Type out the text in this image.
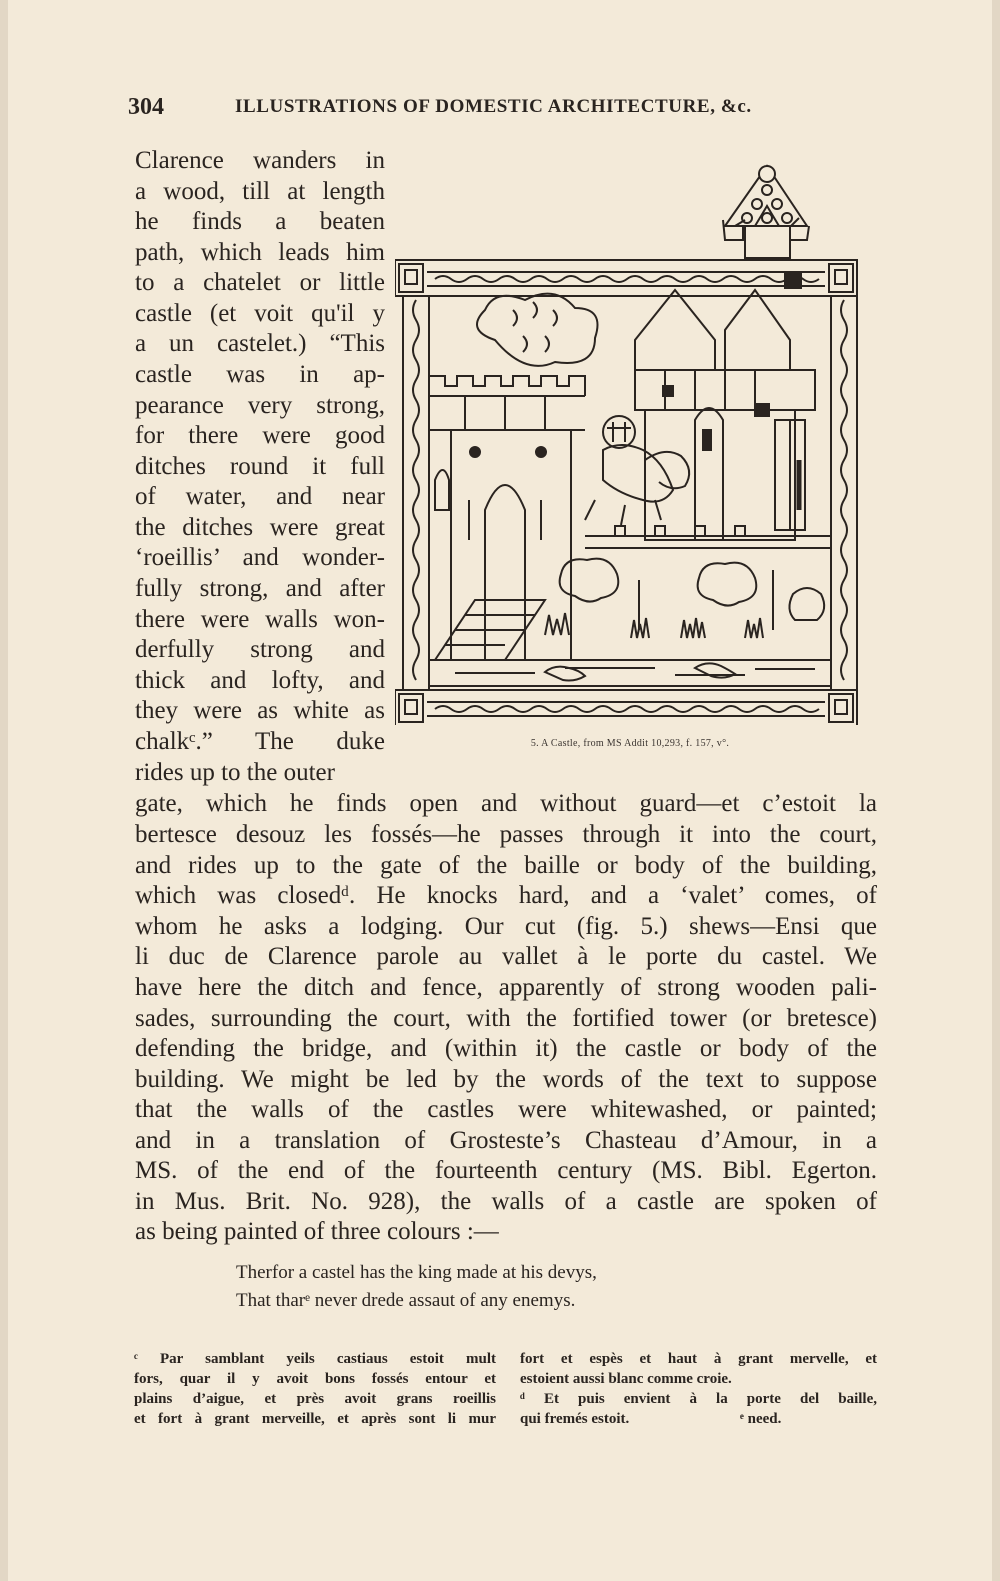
304	ILLUSTRATIONS OF DOMESTIC ARCHITECTURE, &c.
Clarence wanders in
a wood, till at length
he finds a beaten
path, which leads him
to a chatelet or little
castle (et voit qu'il y
a un castelet.) “This
castle was in ap-
pearance very strong,
for there were good
ditches round it full
of water, and near
the ditches were great
‘roeillis’ and wonder-
fully strong, and after
there were walls won-
derfully strong and
thick and lofty, and
they were as white as
chalkᶜ.” The duke
rides up to the outer
5. A Castle, from MS Addit 10,293, f. 157, v°.
gate, which he finds open and without guard—et c’estoit la
bertesce desouz les fossés—he passes through it into the court,
and rides up to the gate of the baille or body of the building,
which was closedᵈ. He knocks hard, and a ‘valet’ comes, of
whom he asks a lodging. Our cut (fig. 5.) shews—Ensi que
li duc de Clarence parole au vallet à le porte du castel. We
have here the ditch and fence, apparently of strong wooden pali-
sades, surrounding the court, with the fortified tower (or bretesce)
defending the bridge, and (within it) the castle or body of the
building. We might be led by the words of the text to suppose
that the walls of the castles were whitewashed, or painted;
and in a translation of Grosteste’s Chasteau d’Amour, in a
MS. of the end of the fourteenth century (MS. Bibl. Egerton.
in Mus. Brit. No. 928), the walls of a castle are spoken of
as being painted of three colours :—
Therfor a castel has the king made at his devys,
That tharᵉ never drede assaut of any enemys.
ᶜ Par samblant yeils castiaus estoit mult
fors, quar il y avoit bons fossés entour et
plains d’aigue, et près avoit grans roeillis
et fort à grant merveille, et après sont li mur
fort et espès et haut à grant mervelle, et
estoient aussi blanc comme croie.
ᵈ Et puis envient à la porte del baille,
qui fremés estoit.	ᵉ need.
